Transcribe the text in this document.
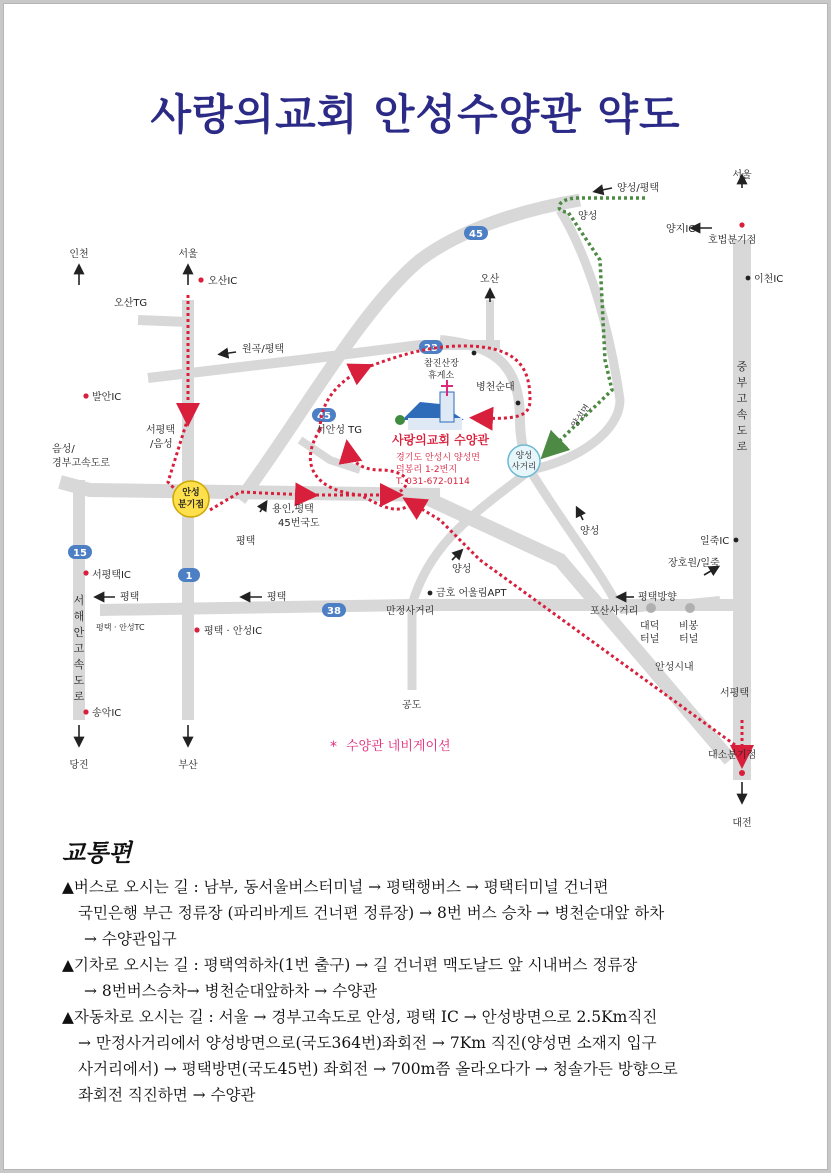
사랑의교회 안성수양관 약도
45
23
45
15
1
38
안성
분기점
양성
사거리
인천	서울
오산IC
오산TG
원곡/평택
발안IC
서평택
/음성
음성/
경부고속도로
용인,평택
45번국도
평택
서평택IC
평택	평택
평택 · 안성TC	평택 · 안성IC
송악IC
당진	부산
서
해
안
고
속
도
로
오산
참진산장
휴게소
병천순대
서안성 TG
양성
금호 어울림APT
만정사거리
공도
양성/평택
양성
양성면
양성
평택방향
포산사거리
대덕
터널
비봉
터널
안성시내
서울
양지IC
호법분기점
이천IC
중
부
고
속
도
로
일죽IC
장호원/일죽
서평택
대소분기점
대전
사랑의교회 수양관
경기도 안성시 양성면
덕봉리 1-2번지
T. 031-672-0114
* 수양관 네비게이션
교통편
▲버스로 오시는 길 : 남부, 동서울버스터미널 → 평택행버스 → 평택터미널 건너편
국민은행 부근 정류장 (파리바게트 건너편 정류장) → 8번 버스 승차 → 병천순대앞 하차
→ 수양관입구
▲기차로 오시는 길 : 평택역하차(1번 출구) → 길 건너편 맥도날드 앞 시내버스 정류장
→ 8번버스승차→ 병천순대앞하차 → 수양관
▲자동차로 오시는 길 : 서울 → 경부고속도로 안성, 평택 IC → 안성방면으로 2.5Km직진
→ 만정사거리에서 양성방면으로(국도364번)좌회전 → 7Km 직진(양성면 소재지 입구
사거리에서) → 평택방면(국도45번) 좌회전 → 700m쯤 올라오다가 → 청솔가든 방향으로
좌회전 직진하면 → 수양관
